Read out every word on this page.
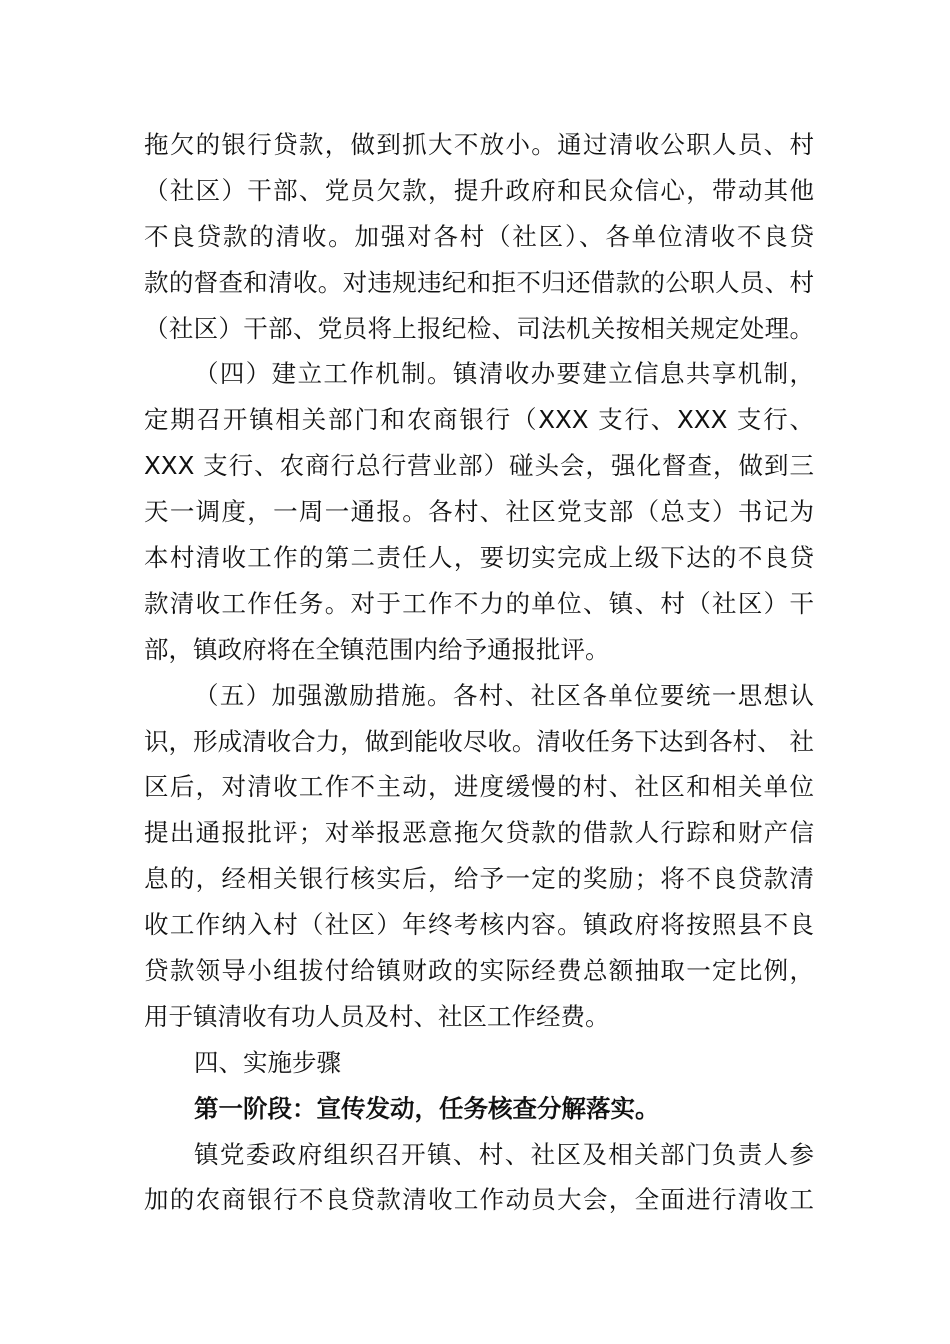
拖欠的银行贷款，做到抓大不放小。通过清收公职人员、村
（社区）干部、党员欠款，提升政府和民众信心，带动其他
不良贷款的清收。加强对各村（社区）、各单位清收不良贷
款的督查和清收。对违规违纪和拒不归还借款的公职人员、村
（社区）干部、党员将上报纪检、司法机关按相关规定处理。
（四）建立工作机制。镇清收办要建立信息共享机制，
定期召开镇相关部门和农商银行（XXX 支行、XXX 支行、
XXX 支行、农商行总行营业部）碰头会，强化督查，做到三
天一调度，一周一通报。各村、社区党支部（总支）书记为
本村清收工作的第二责任人，要切实完成上级下达的不良贷
款清收工作任务。对于工作不力的单位、镇、村（社区）干
部，镇政府将在全镇范围内给予通报批评。
（五）加强激励措施。各村、社区各单位要统一思想认
识，形成清收合力，做到能收尽收。清收任务下达到各村、 社
区后，对清收工作不主动，进度缓慢的村、社区和相关单位
提出通报批评；对举报恶意拖欠贷款的借款人行踪和财产信
息的，经相关银行核实后，给予一定的奖励；将不良贷款清
收工作纳入村（社区）年终考核内容。镇政府将按照县不良
贷款领导小组拔付给镇财政的实际经费总额抽取一定比例，
用于镇清收有功人员及村、社区工作经费。
四、实施步骤
第一阶段：宣传发动，任务核查分解落实。
镇党委政府组织召开镇、村、社区及相关部门负责人参
加的农商银行不良贷款清收工作动员大会，全面进行清收工
